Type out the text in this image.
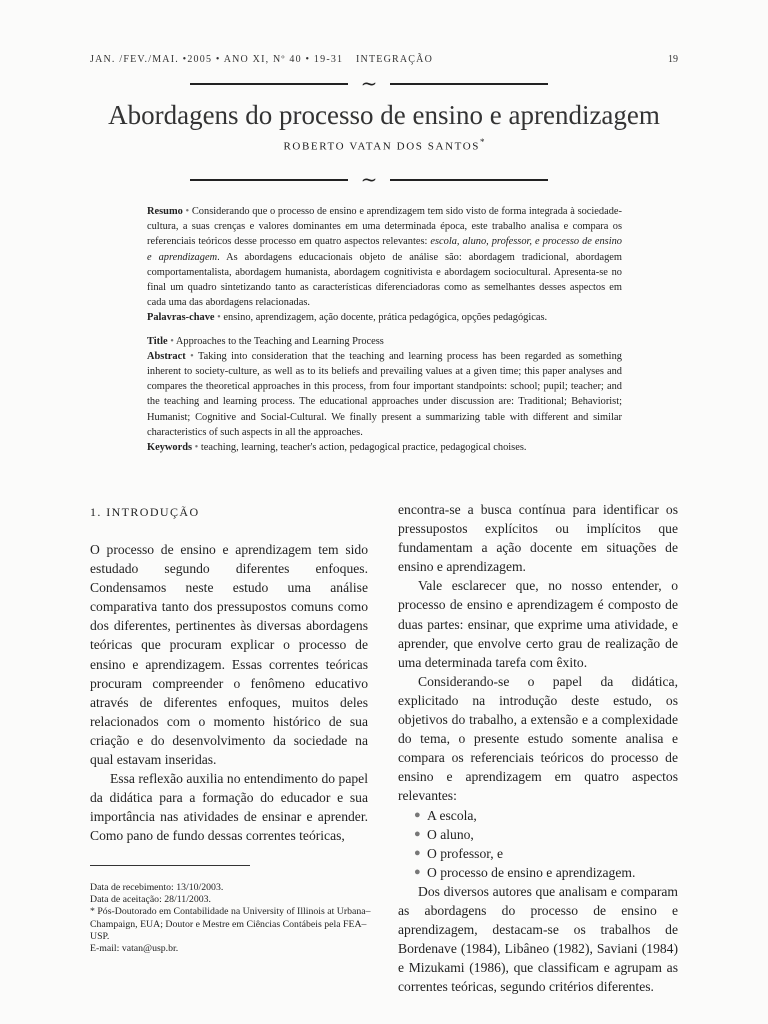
JAN. /FEV./MAI. •2005 • ANO XI, Nº 40 • 19-31 INTEGRAÇÃO	19
~
Abordagens do processo de ensino e aprendizagem
ROBERTO VATAN DOS SANTOS*
~

Resumo • Considerando que o processo de ensino e aprendizagem tem sido visto de forma integrada à sociedade-cultura, a suas crenças e valores dominantes em uma determinada época, este trabalho analisa e compara os referenciais teóricos desse processo em quatro aspectos relevantes: escola, aluno, professor, e processo de ensino e aprendizagem. As abordagens educacionais objeto de análise são: abordagem tradicional, abordagem comportamentalista, abordagem humanista, abordagem cognitivista e abordagem sociocultural. Apresenta-se no final um quadro sintetizando tanto as características diferenciadoras como as semelhantes desses aspectos em cada uma das abordagens relacionadas.

Palavras-chave • ensino, aprendizagem, ação docente, prática pedagógica, opções pedagógicas.

Title • Approaches to the Teaching and Learning Process

Abstract • Taking into consideration that the teaching and learning process has been regarded as something inherent to society-culture, as well as to its beliefs and prevailing values at a given time; this paper analyses and compares the theoretical approaches in this process, from four important standpoints: school; pupil; teacher; and the teaching and learning process. The educational approaches under discussion are: Traditional; Behaviorist; Humanist; Cognitive and Social-Cultural. We finally present a summarizing table with different and similar characteristics of such aspects in all the approaches.

Keywords • teaching, learning, teacher's action, pedagogical practice, pedagogical choises.

1. INTRODUÇÃO

O processo de ensino e aprendizagem tem sido estudado segundo diferentes enfoques. Condensamos neste estudo uma análise comparativa tanto dos pressupostos comuns como dos diferentes, pertinentes às diversas abordagens teóricas que procuram explicar o processo de ensino e aprendizagem. Essas correntes teóricas procuram compreender o fenômeno educativo através de diferentes enfoques, muitos deles relacionados com o momento histórico de sua criação e do desenvolvimento da sociedade na qual estavam inseridas.

Essa reflexão auxilia no entendimento do papel da didática para a formação do educador e sua importância nas atividades de ensinar e aprender. Como pano de fundo dessas correntes teóricas,

encontra-se a busca contínua para identificar os pressupostos explícitos ou implícitos que fundamentam a ação docente em situações de ensino e aprendizagem.

Vale esclarecer que, no nosso entender, o processo de ensino e aprendizagem é composto de duas partes: ensinar, que exprime uma atividade, e aprender, que envolve certo grau de realização de uma determinada tarefa com êxito.

Considerando-se o papel da didática, explicitado na introdução deste estudo, os objetivos do trabalho, a extensão e a complexidade do tema, o presente estudo somente analisa e compara os referenciais teóricos do processo de ensino e aprendizagem em quatro aspectos relevantes:

● A escola,
● O aluno,
● O professor, e
● O processo de ensino e aprendizagem.

Dos diversos autores que analisam e comparam as abordagens do processo de ensino e aprendizagem, destacam-se os trabalhos de Bordenave (1984), Libâneo (1982), Saviani (1984) e Mizukami (1986), que classificam e agrupam as correntes teóricas, segundo critérios diferentes.

Data de recebimento: 13/10/2003.

Data de aceitação: 28/11/2003.

* Pós-Doutorado em Contabilidade na University of Illinois at Urbana–Champaign, EUA; Doutor e Mestre em Ciências Contábeis pela FEA–USP.

E-mail: vatan@usp.br.
